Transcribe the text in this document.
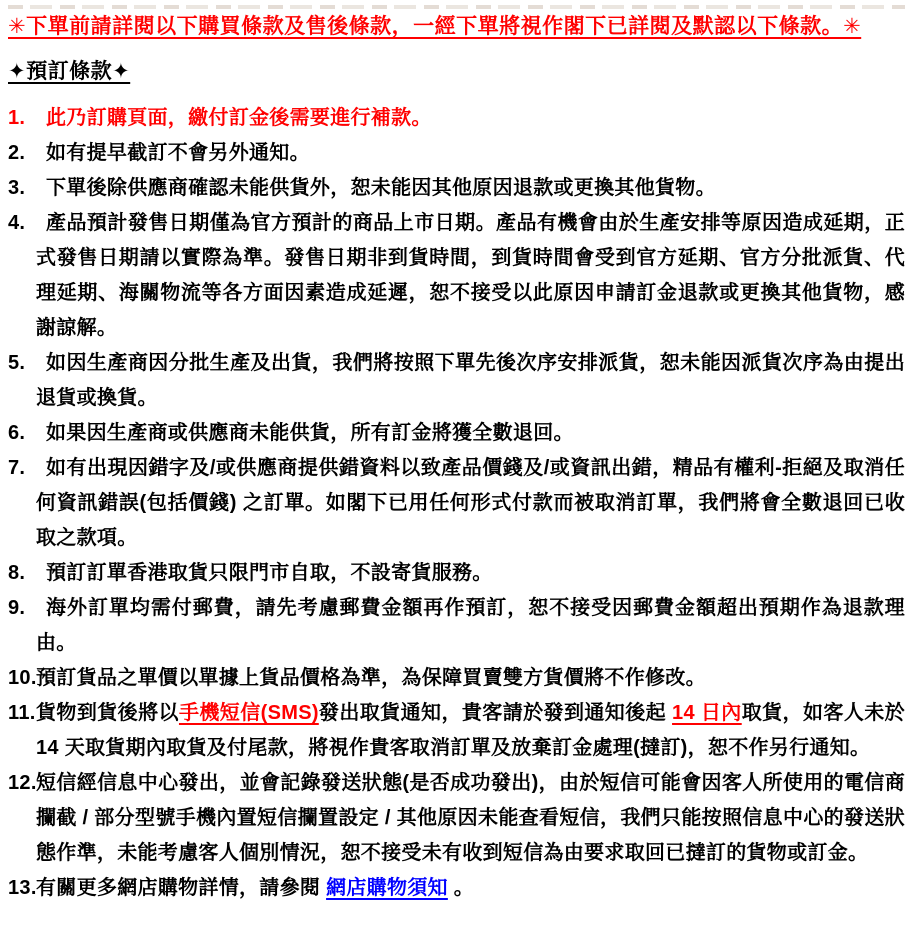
✳下單前請詳閱以下購買條款及售後條款，一經下單將視作閣下已詳閱及默認以下條款。✳
✦預訂條款✦
1.	此乃訂購頁面，繳付訂金後需要進行補款。
2.	如有提早截訂不會另外通知。
3.	下單後除供應商確認未能供貨外，恕未能因其他原因退款或更換其他貨物。
4.	產品預計發售日期僅為官方預計的商品上市日期。產品有機會由於生產安排等原因造成延期，正式發售日期請以實際為準。發售日期非到貨時間，到貨時間會受到官方延期、官方分批派貨、代理延期、海關物流等各方面因素造成延遲，恕不接受以此原因申請訂金退款或更換其他貨物，感謝諒解。
5.	如因生產商因分批生產及出貨，我們將按照下單先後次序安排派貨，恕未能因派貨次序為由提出退貨或換貨。
6.	如果因生產商或供應商未能供貨，所有訂金將獲全數退回。
7.	如有出現因錯字及/或供應商提供錯資料以致產品價錢及/或資訊出錯，精品有權利-拒絕及取消任何資訊錯誤(包括價錢) 之訂單。如閣下已用任何形式付款而被取消訂單，我們將會全數退回已收取之款項。
8.	預訂訂單香港取貨只限門市自取，不設寄貨服務。
9.	海外訂單均需付郵費，請先考慮郵費金額再作預訂，恕不接受因郵費金額超出預期作為退款理由。
10. 預訂貨品之單價以單據上貨品價格為準，為保障買賣雙方貨價將不作修改。
11. 貨物到貨後將以手機短信(SMS)發出取貨通知，貴客請於發到通知後起 14 日內取貨，如客人未於 14 天取貨期內取貨及付尾款，將視作貴客取消訂單及放棄訂金處理(撻訂)，恕不作另行通知。
12. 短信經信息中心發出，並會記錄發送狀態(是否成功發出)，由於短信可能會因客人所使用的電信商攔截 / 部分型號手機內置短信攔置設定 / 其他原因未能查看短信，我們只能按照信息中心的發送狀態作準，未能考慮客人個別情況，恕不接受未有收到短信為由要求取回已撻訂的貨物或訂金。
13. 有關更多網店購物詳情，請參閱 網店購物須知 。
